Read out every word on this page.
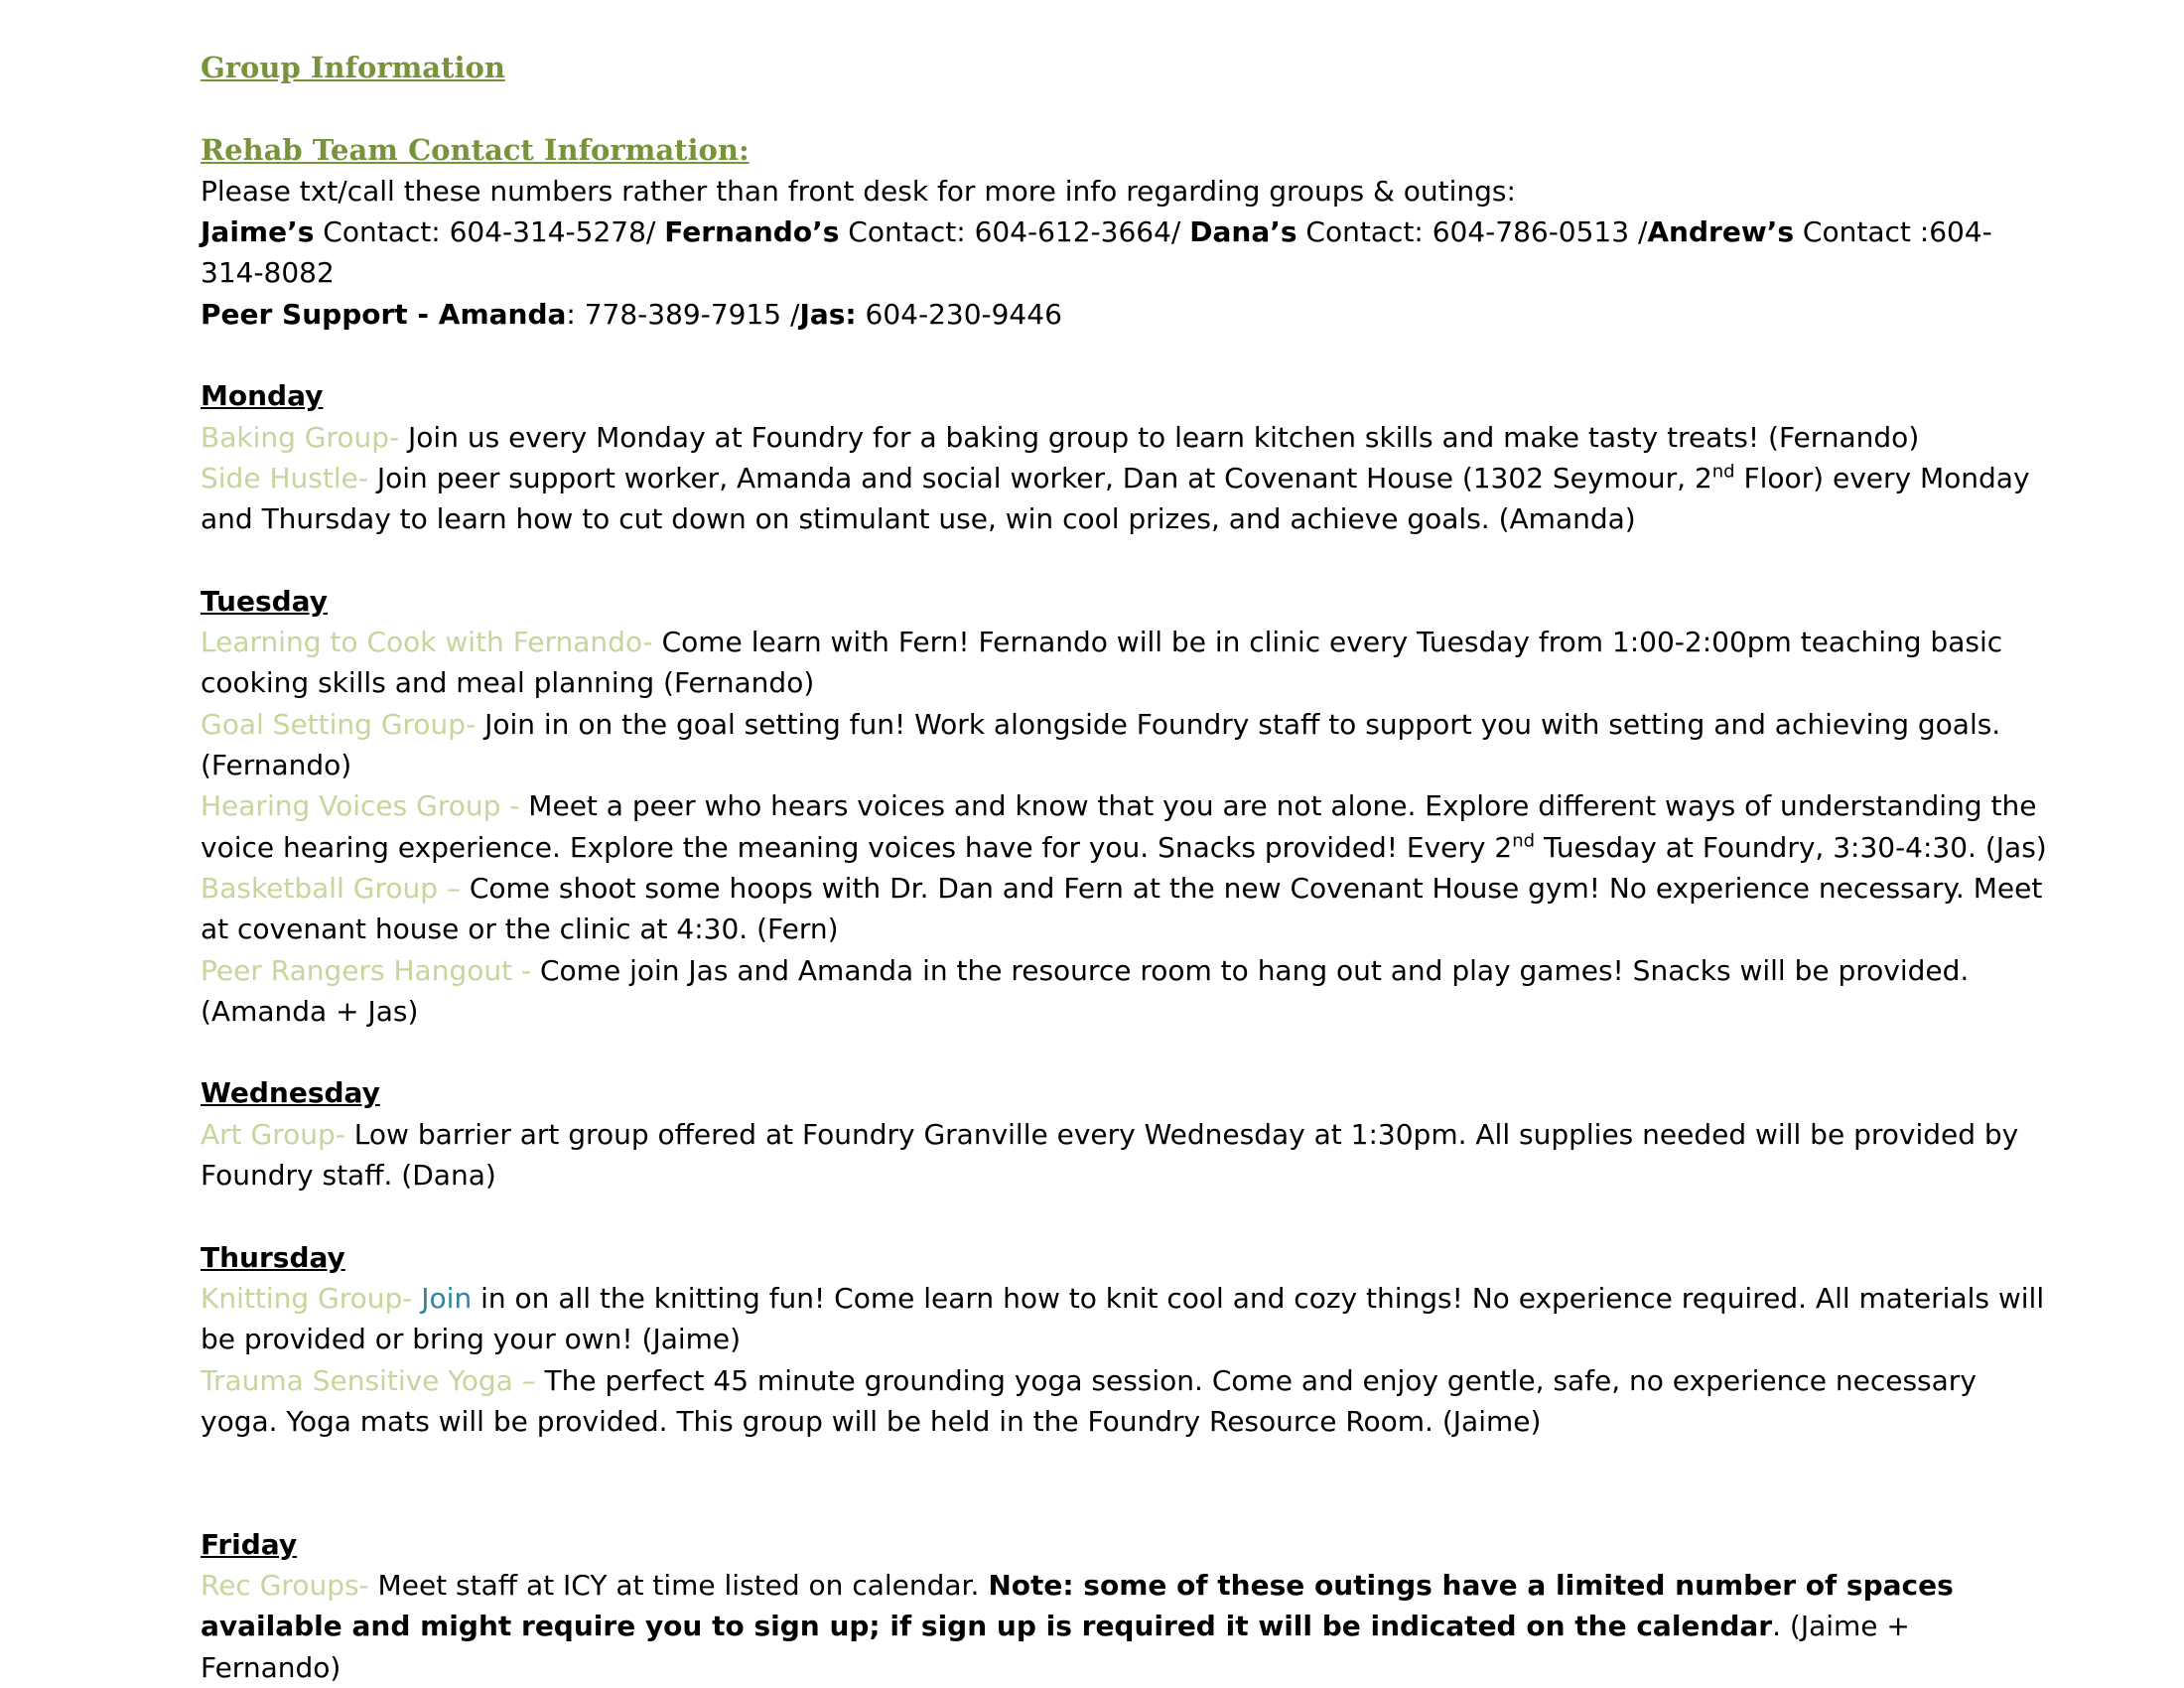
Group Information
Rehab Team Contact Information:
Please txt/call these numbers rather than front desk for more info regarding groups & outings:
Jaime’s Contact: 604-314-5278/ Fernando’s Contact: 604-612-3664/ Dana’s Contact: 604-786-0513 /Andrew’s Contact :604-314-8082
Peer Support - Amanda: 778-389-7915 /Jas: 604-230-9446
Monday
Baking Group- Join us every Monday at Foundry for a baking group to learn kitchen skills and make tasty treats! (Fernando)
Side Hustle- Join peer support worker, Amanda and social worker, Dan at Covenant House (1302 Seymour, 2nd Floor) every Monday and Thursday to learn how to cut down on stimulant use, win cool prizes, and achieve goals. (Amanda)
Tuesday
Learning to Cook with Fernando- Come learn with Fern! Fernando will be in clinic every Tuesday from 1:00-2:00pm teaching basic cooking skills and meal planning (Fernando)
Goal Setting Group- Join in on the goal setting fun! Work alongside Foundry staff to support you with setting and achieving goals. (Fernando)
Hearing Voices Group - Meet a peer who hears voices and know that you are not alone. Explore different ways of understanding the voice hearing experience. Explore the meaning voices have for you. Snacks provided! Every 2nd Tuesday at Foundry, 3:30-4:30. (Jas)
Basketball Group – Come shoot some hoops with Dr. Dan and Fern at the new Covenant House gym! No experience necessary. Meet at covenant house or the clinic at 4:30. (Fern)
Peer Rangers Hangout - Come join Jas and Amanda in the resource room to hang out and play games! Snacks will be provided. (Amanda + Jas)
Wednesday
Art Group- Low barrier art group offered at Foundry Granville every Wednesday at 1:30pm. All supplies needed will be provided by Foundry staff. (Dana)
Thursday
Knitting Group- Join in on all the knitting fun! Come learn how to knit cool and cozy things! No experience required. All materials will be provided or bring your own! (Jaime)
Trauma Sensitive Yoga – The perfect 45 minute grounding yoga session. Come and enjoy gentle, safe, no experience necessary yoga. Yoga mats will be provided. This group will be held in the Foundry Resource Room. (Jaime)
Friday
Rec Groups- Meet staff at ICY at time listed on calendar. Note: some of these outings have a limited number of spaces available and might require you to sign up; if sign up is required it will be indicated on the calendar. (Jaime + Fernando)
